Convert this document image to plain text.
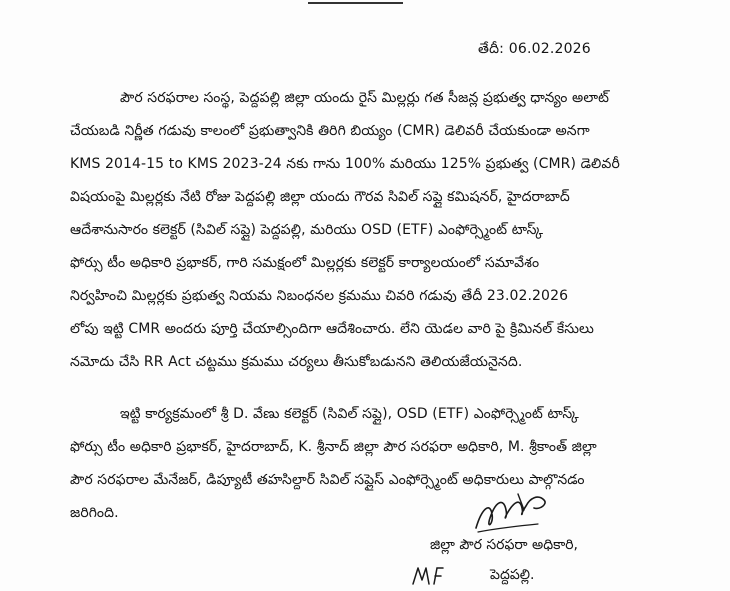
తేదీ: 06.02.2026
పౌర సరఫరాల సంస్థ, పెద్దపల్లి జిల్లా యందు రైస్ మిల్లర్లు గత సీజన్ల ప్రభుత్వ ధాన్యం అలాట్
చేయబడి నిర్ణీత గడువు కాలంలో ప్రభుత్వానికి తిరిగి బియ్యం (CMR) డెలివరీ చేయకుండా అనగా
KMS 2014-15 to KMS 2023-24 నకు గాను 100% మరియు 125% ప్రభుత్వ (CMR) డెలివరీ
విషయంపై మిల్లర్లకు నేటి రోజు పెద్దపల్లి జిల్లా యందు గౌరవ సివిల్ సప్లై కమిషనర్, హైదరాబాద్
ఆదేశానుసారం కలెక్టర్ (సివిల్ సప్లై) పెద్దపల్లి, మరియు OSD (ETF) ఎంఫోర్స్మెంట్ టాస్క్
ఫోర్సు టీం అధికారి ప్రభాకర్, గారి సమక్షంలో మిల్లర్లకు కలెక్టర్ కార్యాలయంలో సమావేశం
నిర్వహించి మిల్లర్లకు ప్రభుత్వ నియమ నిబంధనల క్రమము చివరి గడువు తేదీ 23.02.2026
లోపు ఇట్టి CMR అందరు పూర్తి చేయాల్సిందిగా ఆదేశించారు. లేని యెడల వారి పై క్రిమినల్ కేసులు
నమోదు చేసి RR Act చట్టము క్రమము చర్యలు తీసుకోబడునని తెలియజేయనైనది.
ఇట్టి కార్యక్రమంలో శ్రీ D. వేణు కలెక్టర్ (సివిల్ సప్లై), OSD (ETF) ఎంఫోర్స్మెంట్ టాస్క్
ఫోర్సు టీం అధికారి ప్రభాకర్, హైదరాబాద్, K. శ్రీనాద్ జిల్లా పౌర సరఫరా అధికారి, M. శ్రీకాంత్ జిల్లా
పౌర సరఫరాల మేనేజర్, డిప్యూటీ తహసిల్దార్ సివిల్ సప్లైస్ ఎంఫోర్స్మెంట్ అధికారులు పాల్గొనడం
జరిగింది.
జిల్లా పౌర సరఫరా అధికారి,
పెద్దపల్లి.
